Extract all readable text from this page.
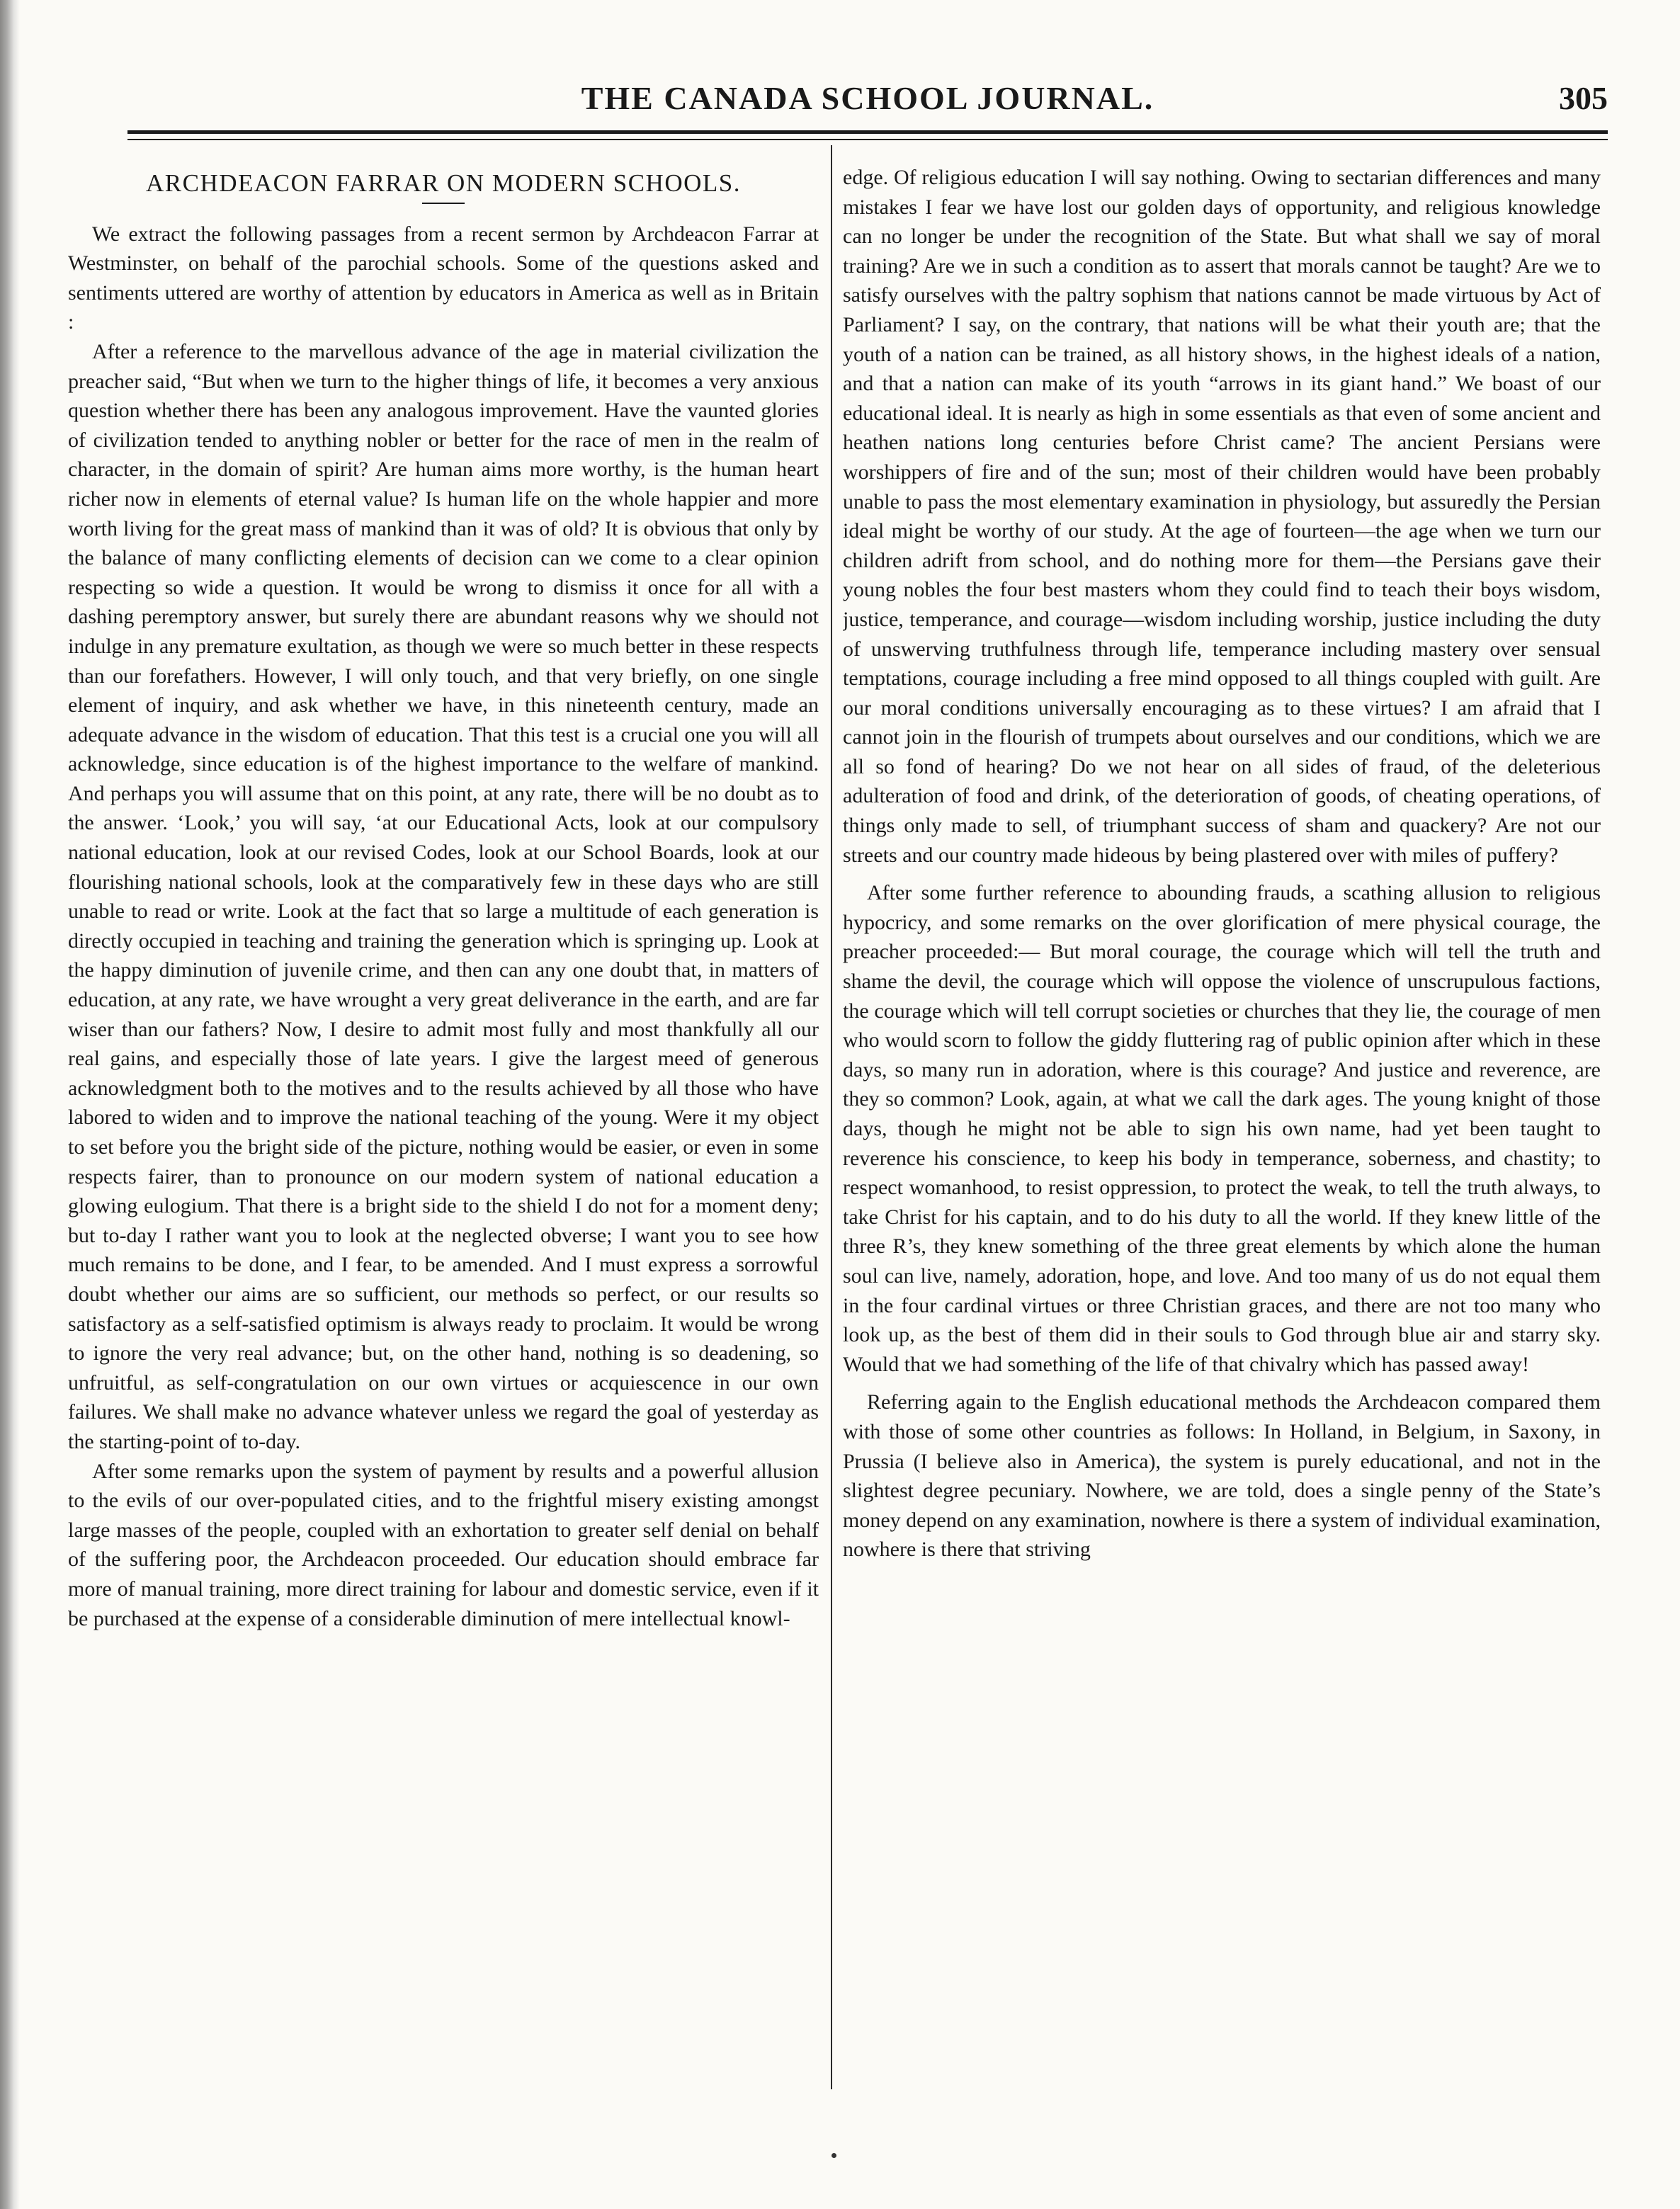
THE CANADA SCHOOL JOURNAL.	305
ARCHDEACON FARRAR ON MODERN SCHOOLS.

We extract the following passages from a recent sermon by Archdeacon Farrar at Westminster, on behalf of the parochial schools. Some of the questions asked and sentiments uttered are worthy of attention by educators in America as well as in Britain :

After a reference to the marvellous advance of the age in material civilization the preacher said, “But when we turn to the higher things of life, it becomes a very anxious question whether there has been any analogous improvement. Have the vaunted glories of civilization tended to anything nobler or better for the race of men in the realm of character, in the domain of spirit? Are human aims more worthy, is the human heart richer now in elements of eternal value? Is human life on the whole happier and more worth living for the great mass of mankind than it was of old? It is obvious that only by the balance of many conflicting elements of decision can we come to a clear opinion respecting so wide a question. It would be wrong to dismiss it once for all with a dashing peremptory answer, but surely there are abundant reasons why we should not indulge in any premature exultation, as though we were so much better in these respects than our forefathers. However, I will only touch, and that very briefly, on one single element of inquiry, and ask whether we have, in this nineteenth century, made an adequate advance in the wisdom of education. That this test is a crucial one you will all acknowledge, since education is of the highest importance to the welfare of mankind. And perhaps you will assume that on this point, at any rate, there will be no doubt as to the answer. ‘Look,’ you will say, ‘at our Educational Acts, look at our compulsory national education, look at our revised Codes, look at our School Boards, look at our flourishing national schools, look at the comparatively few in these days who are still unable to read or write. Look at the fact that so large a multitude of each generation is directly occupied in teaching and training the generation which is springing up. Look at the happy diminution of juvenile crime, and then can any one doubt that, in matters of education, at any rate, we have wrought a very great deliverance in the earth, and are far wiser than our fathers? Now, I desire to admit most fully and most thankfully all our real gains, and especially those of late years. I give the largest meed of generous acknowledgment both to the motives and to the results achieved by all those who have labored to widen and to improve the national teaching of the young. Were it my object to set before you the bright side of the picture, nothing would be easier, or even in some respects fairer, than to pronounce on our modern system of national education a glowing eulogium. That there is a bright side to the shield I do not for a moment deny; but to-day I rather want you to look at the neglected obverse; I want you to see how much remains to be done, and I fear, to be amended. And I must express a sorrowful doubt whether our aims are so sufficient, our methods so perfect, or our results so satisfactory as a self-satisfied optimism is always ready to proclaim. It would be wrong to ignore the very real advance; but, on the other hand, nothing is so deadening, so unfruitful, as self-congratulation on our own virtues or acquiescence in our own failures. We shall make no advance whatever unless we regard the goal of yesterday as the starting-point of to-day.

After some remarks upon the system of payment by results and a powerful allusion to the evils of our over-populated cities, and to the frightful misery existing amongst large masses of the people, coupled with an exhortation to greater self denial on behalf of the suffering poor, the Archdeacon proceeded. Our education should embrace far more of manual training, more direct training for labour and domestic service, even if it be purchased at the expense of a considerable diminution of mere intellectual knowl-

edge. Of religious education I will say nothing. Owing to sectarian differences and many mistakes I fear we have lost our golden days of opportunity, and religious knowledge can no longer be under the recognition of the State. But what shall we say of moral training? Are we in such a condition as to assert that morals cannot be taught? Are we to satisfy ourselves with the paltry sophism that nations cannot be made virtuous by Act of Parliament? I say, on the contrary, that nations will be what their youth are; that the youth of a nation can be trained, as all history shows, in the highest ideals of a nation, and that a nation can make of its youth “arrows in its giant hand.” We boast of our educational ideal. It is nearly as high in some essentials as that even of some ancient and heathen nations long centuries before Christ came? The ancient Persians were worshippers of fire and of the sun; most of their children would have been probably unable to pass the most elementary examination in physiology, but assuredly the Persian ideal might be worthy of our study. At the age of fourteen—the age when we turn our children adrift from school, and do nothing more for them—the Persians gave their young nobles the four best masters whom they could find to teach their boys wisdom, justice, temperance, and courage—wisdom including worship, justice including the duty of unswerving truthfulness through life, temperance including mastery over sensual temptations, courage including a free mind opposed to all things coupled with guilt. Are our moral conditions universally encouraging as to these virtues? I am afraid that I cannot join in the flourish of trumpets about ourselves and our conditions, which we are all so fond of hearing? Do we not hear on all sides of fraud, of the deleterious adulteration of food and drink, of the deterioration of goods, of cheating operations, of things only made to sell, of triumphant success of sham and quackery? Are not our streets and our country made hideous by being plastered over with miles of puffery?

After some further reference to abounding frauds, a scathing allusion to religious hypocricy, and some remarks on the over glorification of mere physical courage, the preacher proceeded:— But moral courage, the courage which will tell the truth and shame the devil, the courage which will oppose the violence of unscrupulous factions, the courage which will tell corrupt societies or churches that they lie, the courage of men who would scorn to follow the giddy fluttering rag of public opinion after which in these days, so many run in adoration, where is this courage? And justice and reverence, are they so common? Look, again, at what we call the dark ages. The young knight of those days, though he might not be able to sign his own name, had yet been taught to reverence his conscience, to keep his body in temperance, soberness, and chastity; to respect womanhood, to resist oppression, to protect the weak, to tell the truth always, to take Christ for his captain, and to do his duty to all the world. If they knew little of the three R’s, they knew something of the three great elements by which alone the human soul can live, namely, adoration, hope, and love. And too many of us do not equal them in the four cardinal virtues or three Christian graces, and there are not too many who look up, as the best of them did in their souls to God through blue air and starry sky. Would that we had something of the life of that chivalry which has passed away!

Referring again to the English educational methods the Archdeacon compared them with those of some other countries as follows: In Holland, in Belgium, in Saxony, in Prussia (I believe also in America), the system is purely educational, and not in the slightest degree pecuniary. Nowhere, we are told, does a single penny of the State’s money depend on any examination, nowhere is there a system of individual examination, nowhere is there that striving
